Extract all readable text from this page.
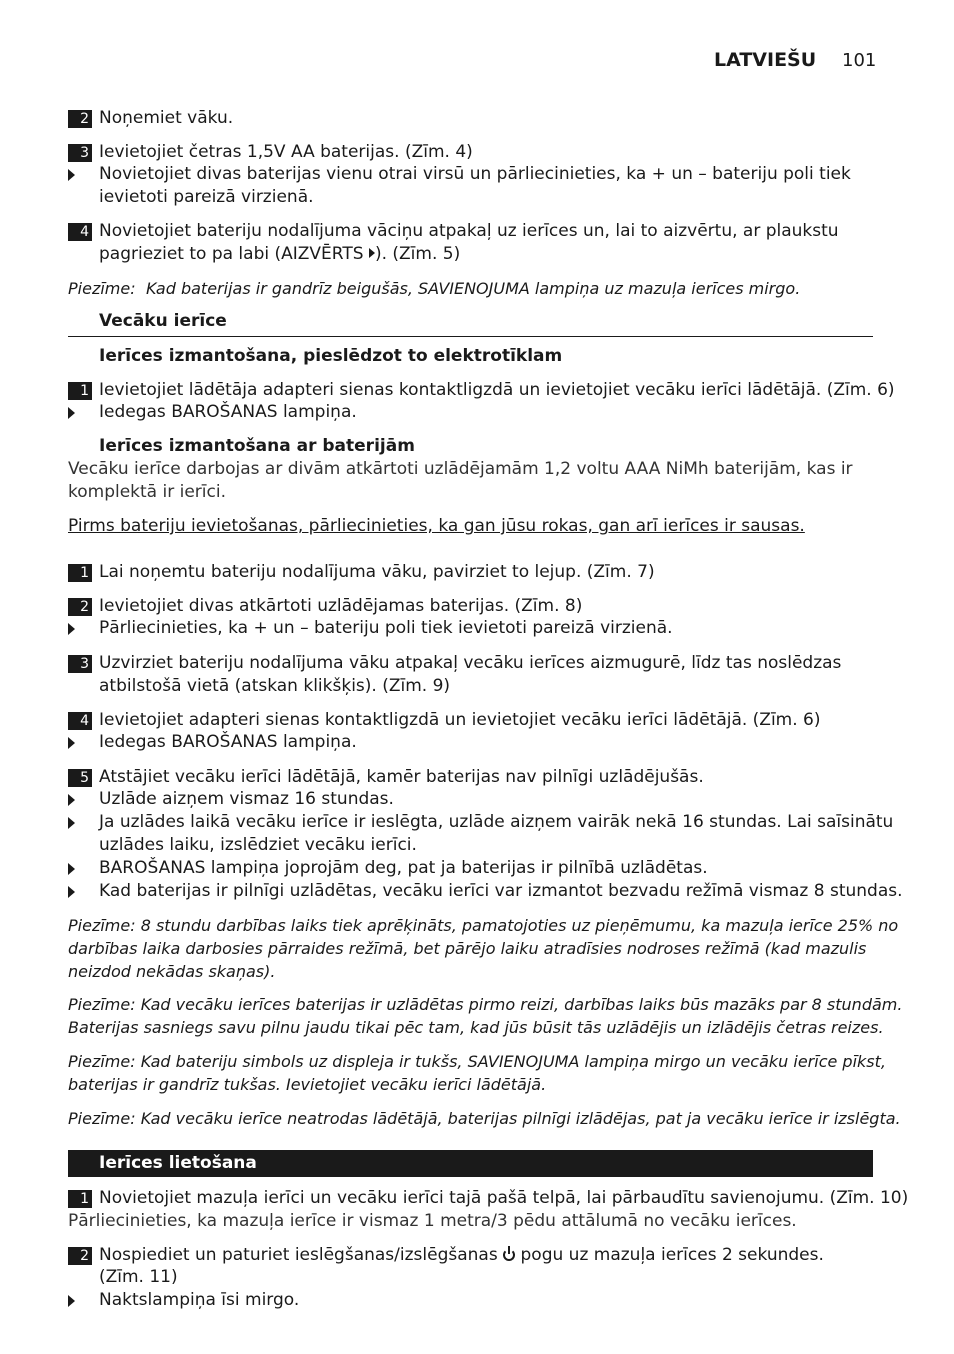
LATVIEŠU 101
2 Noņemiet vāku.
3 Ievietojiet četras 1,5V AA baterijas. (Zīm. 4)
Novietojiet divas baterijas vienu otrai virsū un pārliecinieties, ka + un – bateriju poli tiek
ievietoti pareizā virzienā.
4 Novietojiet bateriju nodalījuma vāciņu atpakaļ uz ierīces un, lai to aizvērtu, ar plaukstu
pagrieziet to pa labi (AIZVĒRTS ). (Zīm. 5)
Piezīme: Kad baterijas ir gandrīz beigušās, SAVIENOJUMA lampiņa uz mazuļa ierīces mirgo.
Vecāku ierīce
Ierīces izmantošana, pieslēdzot to elektrotīklam
1 Ievietojiet lādētāja adapteri sienas kontaktligzdā un ievietojiet vecāku ierīci lādētājā. (Zīm. 6)
Iedegas BAROŠANAS lampiņa.
Ierīces izmantošana ar baterijām
Vecāku ierīce darbojas ar divām atkārtoti uzlādējamām 1,2 voltu AAA NiMh baterijām, kas ir
komplektā ir ierīci.
Pirms bateriju ievietošanas, pārliecinieties, ka gan jūsu rokas, gan arī ierīces ir sausas.
1 Lai noņemtu bateriju nodalījuma vāku, pavirziet to lejup. (Zīm. 7)
2 Ievietojiet divas atkārtoti uzlādējamas baterijas. (Zīm. 8)
Pārliecinieties, ka + un – bateriju poli tiek ievietoti pareizā virzienā.
3 Uzvirziet bateriju nodalījuma vāku atpakaļ vecāku ierīces aizmugurē, līdz tas noslēdzas
atbilstošā vietā (atskan klikšķis). (Zīm. 9)
4 Ievietojiet adapteri sienas kontaktligzdā un ievietojiet vecāku ierīci lādētājā. (Zīm. 6)
Iedegas BAROŠANAS lampiņa.
5 Atstājiet vecāku ierīci lādētājā, kamēr baterijas nav pilnīgi uzlādējušās.
Uzlāde aizņem vismaz 16 stundas.
Ja uzlādes laikā vecāku ierīce ir ieslēgta, uzlāde aizņem vairāk nekā 16 stundas. Lai saīsinātu
uzlādes laiku, izslēdziet vecāku ierīci.
BAROŠANAS lampiņa joprojām deg, pat ja baterijas ir pilnībā uzlādētas.
Kad baterijas ir pilnīgi uzlādētas, vecāku ierīci var izmantot bezvadu režīmā vismaz 8 stundas.
Piezīme: 8 stundu darbības laiks tiek aprēķināts, pamatojoties uz pieņēmumu, ka mazuļa ierīce 25% no
darbības laika darbosies pārraides režīmā, bet pārējo laiku atradīsies nodroses režīmā (kad mazulis
neizdod nekādas skaņas).
Piezīme: Kad vecāku ierīces baterijas ir uzlādētas pirmo reizi, darbības laiks būs mazāks par 8 stundām.
Baterijas sasniegs savu pilnu jaudu tikai pēc tam, kad jūs būsit tās uzlādējis un izlādējis četras reizes.
Piezīme: Kad bateriju simbols uz displeja ir tukšs, SAVIENOJUMA lampiņa mirgo un vecāku ierīce pīkst,
baterijas ir gandrīz tukšas. Ievietojiet vecāku ierīci lādētājā.
Piezīme: Kad vecāku ierīce neatrodas lādētājā, baterijas pilnīgi izlādējas, pat ja vecāku ierīce ir izslēgta.
Ierīces lietošana
1 Novietojiet mazuļa ierīci un vecāku ierīci tajā pašā telpā, lai pārbaudītu savienojumu. (Zīm. 10)
Pārliecinieties, ka mazuļa ierīce ir vismaz 1 metra/3 pēdu attālumā no vecāku ierīces.
2 Nospiediet un paturiet ieslēgšanas/izslēgšanas  pogu uz mazuļa ierīces 2 sekundes.
(Zīm. 11)
Naktslampiņa īsi mirgo.
